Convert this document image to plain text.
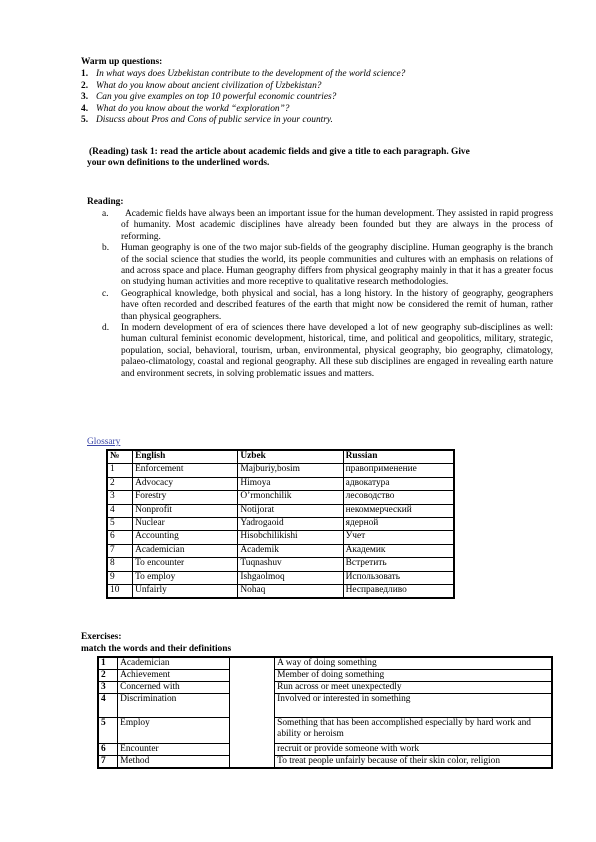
Warm up questions:
1. In what ways does Uzbekistan contribute to the development of the world science?
2. What do you know about ancient civilization of Uzbekistan?
3. Can you give examples on top 10 powerful economic countries?
4. What do you know about the workd “exploration”?
5. Disucss about Pros and Cons of public service in your country.
(Reading) task 1: read the article about academic fields and give a title to each paragraph. Give
your own definitions to the underlined words.
Reading:
a.	Academic fields have always been an important issue for the human development. They assisted in rapid progress of humanity. Most academic disciplines have already been founded but they are always in the process of reforming.
b.	Human geography is one of the two major sub-fields of the geography discipline. Human geography is the branch of the social science that studies the world, its people communities and cultures with an emphasis on relations of and across space and place. Human geography differs from physical geography mainly in that it has a greater focus on studying human activities and more receptive to qualitative research methodologies.
c.	Geographical knowledge, both physical and social, has a long history. In the history of geography, geographers have often recorded and described features of the earth that might now be considered the remit of human, rather than physical geographers.
d.	In modern development of era of sciences there have developed a lot of new geography sub-disciplines as well: human cultural feminist economic development, historical, time, and political and geopolitics, military, strategic, population, social, behavioral, tourism, urban, environmental, physical geography, bio geography, climatology, palaeo-climatology, coastal and regional geography. All these sub disciplines are engaged in revealing earth nature and environment secrets, in solving problematic issues and matters.
Glossary
№	English	Uzbek	Russian
1	Enforcement	Majburiy,bosim	правоприменение
2	Advocacy	Himoya	адвокатура
3	Forestry	O’rmonchilik	лесоводство
4	Nonprofit	Notijorat	некоммерческий
5	Nuclear	Yadrogaoid	ядерной
6	Accounting	Hisobchilikishi	Учет
7	Academician	Academik	Академик
8	To encounter	Tuqnashuv	Встретить
9	To employ	Ishgaolmoq	Использовать
10	Unfairly	Nohaq	Несправедливо
Exercises:
match the words and their definitions
1	Academician		A way of doing something
2	Achievement		Member of doing something
3	Concerned with		Run across or meet unexpectedly
4	Discrimination		Involved or interested in something
5	Employ		Something that has been accomplished especially by hard work and ability or heroism
6	Encounter		recruit or provide someone with work
7	Method		To treat people unfairly because of their skin color, religion
